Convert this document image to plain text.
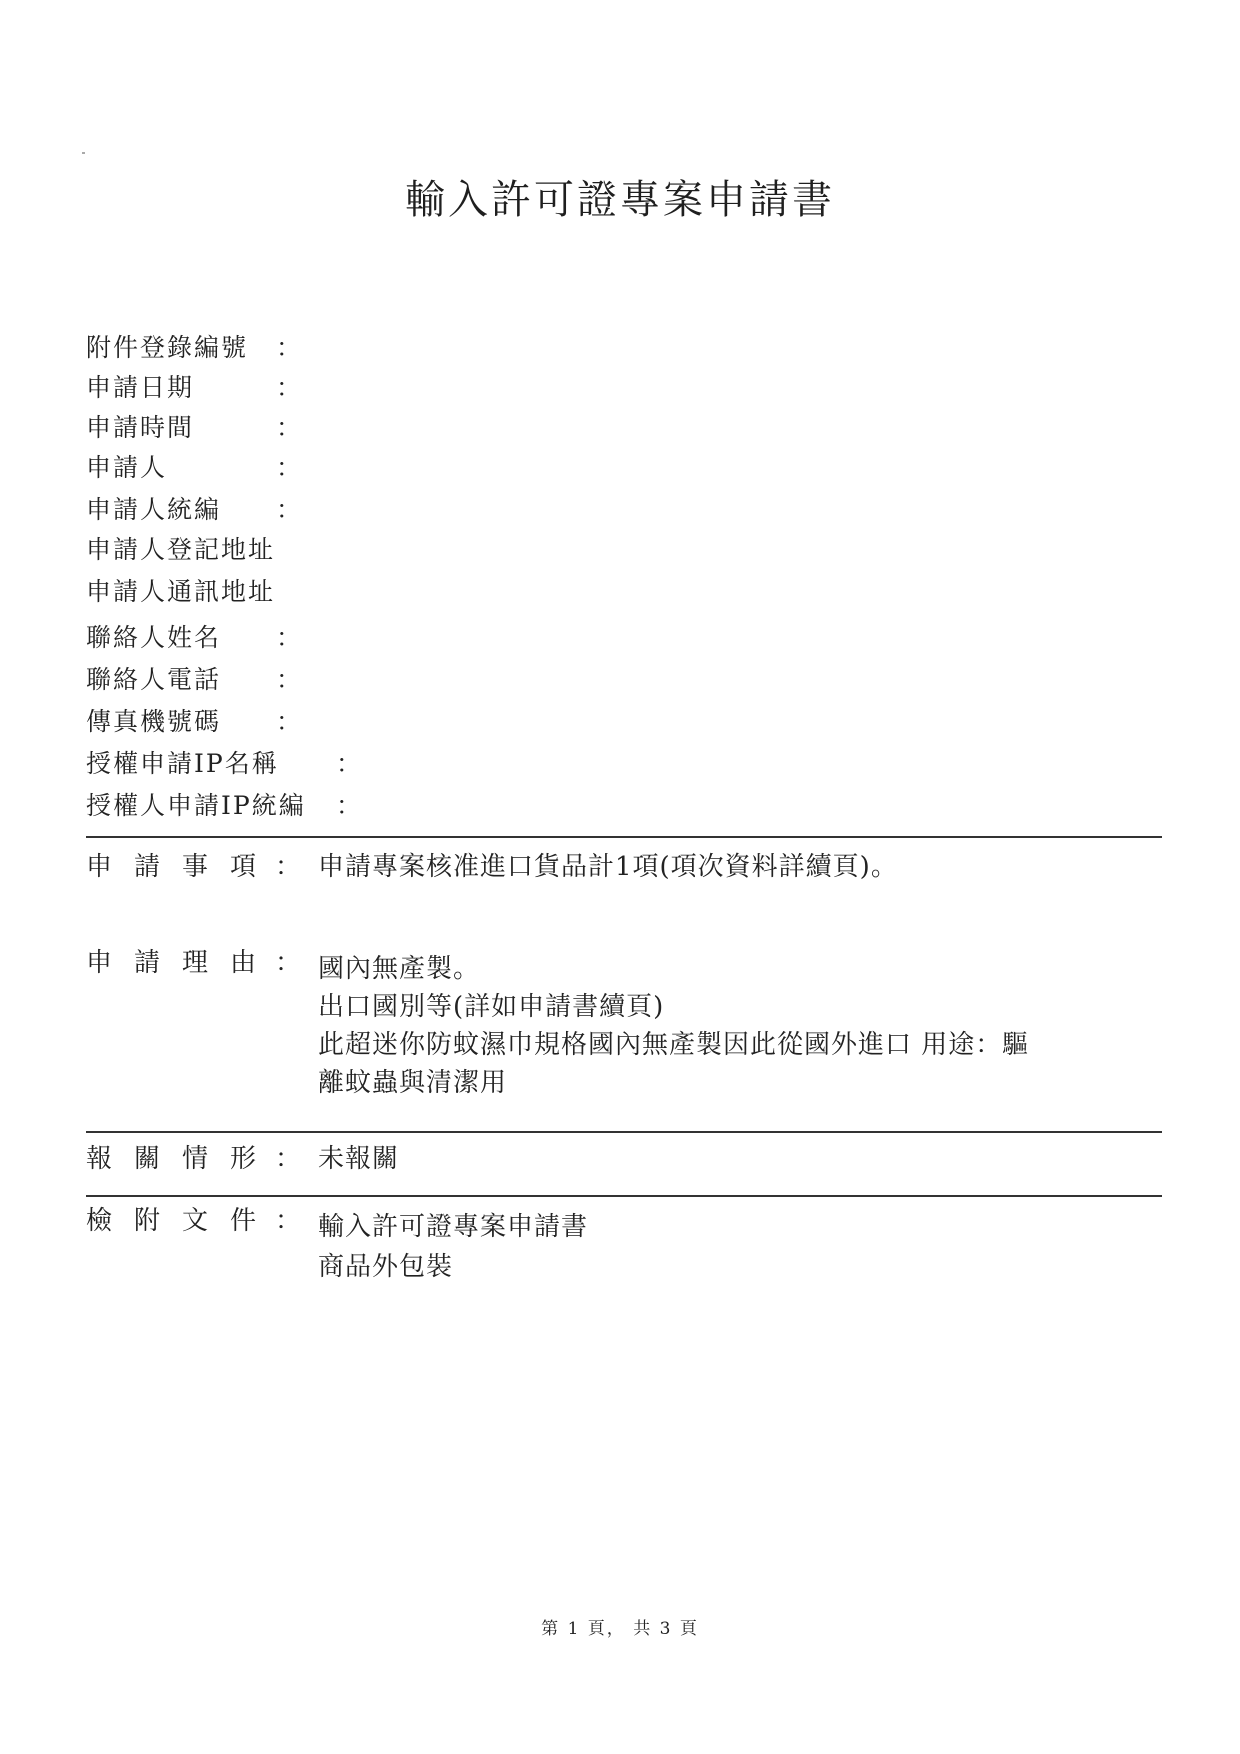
輸入許可證專案申請書
附件登錄編號 ：
申請日期	：
申請時間	：
申請人	：
申請人統編 ：
申請人登記地址
申請人通訊地址
聯絡人姓名 ：
聯絡人電話 ：
傳真機號碼 ：
授權申請IP名稱 ：
授權人申請IP統編 ：
申 請 事 項 ： 申請專案核准進口貨品計1項(項次資料詳續頁)。
申 請 理 由 ： 國內無產製。
出口國別等(詳如申請書續頁)
此超迷你防蚊濕巾規格國內無產製因此從國外進口 用途：驅
離蚊蟲與清潔用
報 關 情 形 ： 未報關
檢 附 文 件 ： 輸入許可證專案申請書
商品外包裝
第 1 頁， 共 3 頁
